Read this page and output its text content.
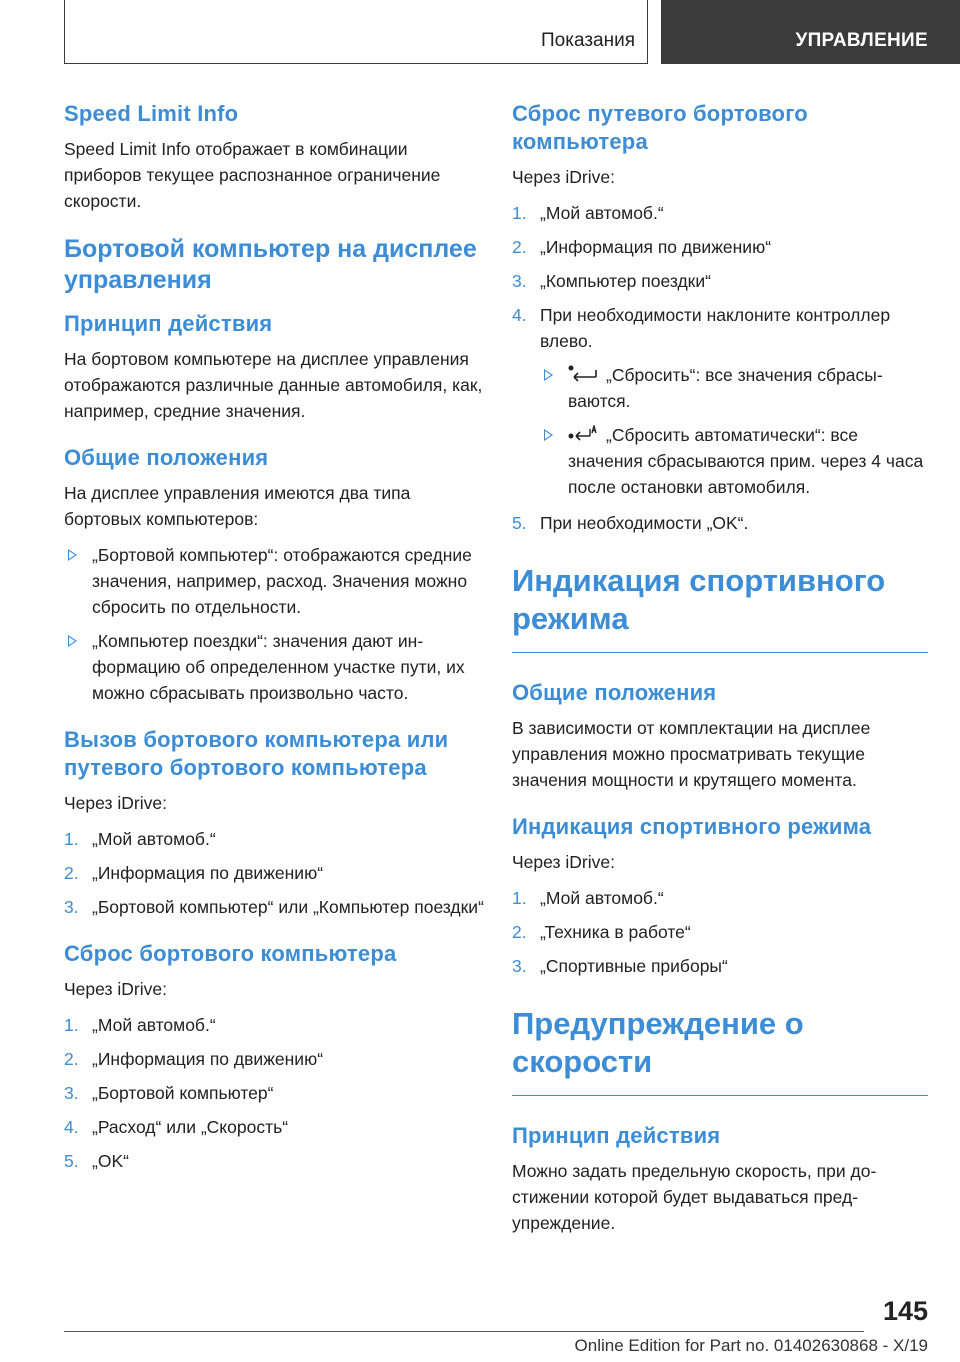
Показания	УПРАВЛЕНИЕ
Speed Limit Info

Speed Limit Info отображает в комбинации приборов текущее распознанное ограничение скорости.

Бортовой компьютер на дисплее управления
Принцип действия

На бортовом компьютере на дисплее управления отображаются различные данные автомобиля, как, например, средние значения.

Общие положения

На дисплее управления имеются два типа бортовых компьютеров:

„Бортовой компьютер“: отображаются средние значения, например, расход. Значения можно сбросить по отдельности.
„Компьютер поездки“: значения дают информацию об определенном участке пути, их можно сбрасывать произвольно часто.
Вызов бортового компьютера или путевого бортового компьютера

Через iDrive:

1. „Мой автомоб.“
2. „Информация по движению“
3. „Бортовой компьютер“ или „Компьютер поездки“
Сброс бортового компьютера

Через iDrive:

1. „Мой автомоб.“
2. „Информация по движению“
3. „Бортовой компьютер“
4. „Расход“ или „Скорость“
5. „OK“
Сброс путевого бортового компьютера

Через iDrive:

1. „Мой автомоб.“
2. „Информация по движению“
3. „Компьютер поездки“
4. При необходимости наклоните контроллер влево.
„Сбросить“: все значения сбрасываются.
„Сбросить автоматически“: все значения сбрасываются прим. через 4 часа после остановки автомобиля.
5. При необходимости „OK“.
Индикация спортивного режима
Общие положения

В зависимости от комплектации на дисплее управления можно просматривать текущие значения мощности и крутящего момента.

Индикация спортивного режима

Через iDrive:

1. „Мой автомоб.“
2. „Техника в работе“
3. „Спортивные приборы“
Предупреждение о скорости
Принцип действия

Можно задать предельную скорость, при достижении которой будет выдаваться предупреждение.

145
Online Edition for Part no. 01402630868 - X/19
